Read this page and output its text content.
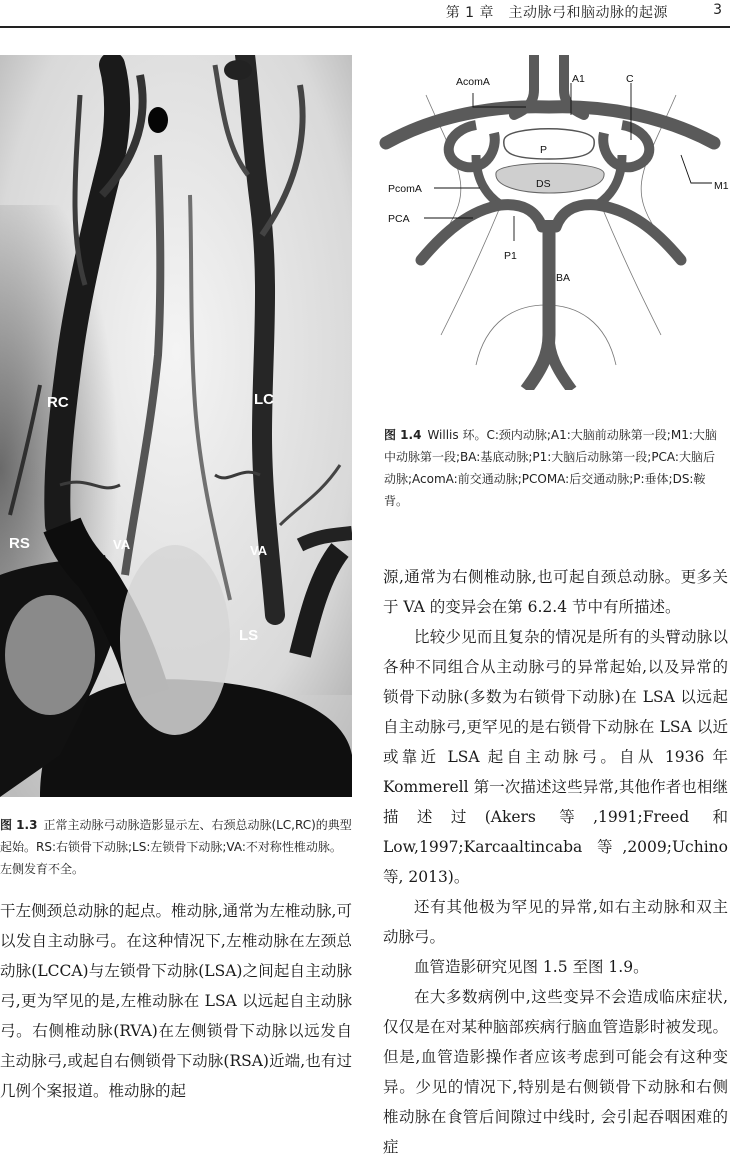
第 1 章　主动脉弓和脑动脉的起源	3
RC	LC
RS	VA	VA
LS
图 1.3 正常主动脉弓动脉造影显示左、右颈总动脉(LC,RC)的典型起始。RS:右锁骨下动脉;LS:左锁骨下动脉;VA:不对称性椎动脉。左侧发育不全。
AcomA	A1	C
M1
P
DS
PcomA
PCA
P1
BA
图 1.4 Willis 环。C:颈内动脉;A1:大脑前动脉第一段;M1:大脑中动脉第一段;BA:基底动脉;P1:大脑后动脉第一段;PCA:大脑后动脉;AcomA:前交通动脉;PCOMA:后交通动脉;P:垂体;DS:鞍背。

源,通常为右侧椎动脉,也可起自颈总动脉。更多关于 VA 的变异会在第 6.2.4 节中有所描述。

比较少见而且复杂的情况是所有的头臂动脉以各种不同组合从主动脉弓的异常起始,以及异常的锁骨下动脉(多数为右锁骨下动脉)在 LSA 以远起自主动脉弓,更罕见的是右锁骨下动脉在 LSA 以近或靠近 LSA 起自主动脉弓。自从 1936 年 Kommerell 第一次描述这些异常,其他作者也相继描述过(Akers 等,1991;Freed 和 Low,1997;Karcaaltincaba 等,2009;Uchino 等, 2013)。

还有其他极为罕见的异常,如右主动脉和双主动脉弓。

血管造影研究见图 1.5 至图 1.9。

在大多数病例中,这些变异不会造成临床症状,仅仅是在对某种脑部疾病行脑血管造影时被发现。但是,血管造影操作者应该考虑到可能会有这种变异。少见的情况下,特别是右侧锁骨下动脉和右侧椎动脉在食管后间隙过中线时, 会引起吞咽困难的症

干左侧颈总动脉的起点。椎动脉,通常为左椎动脉,可以发自主动脉弓。在这种情况下,左椎动脉在左颈总动脉(LCCA)与左锁骨下动脉(LSA)之间起自主动脉弓,更为罕见的是,左椎动脉在 LSA 以远起自主动脉弓。右侧椎动脉(RVA)在左侧锁骨下动脉以远发自主动脉弓,或起自右侧锁骨下动脉(RSA)近端,也有过几例个案报道。椎动脉的起
